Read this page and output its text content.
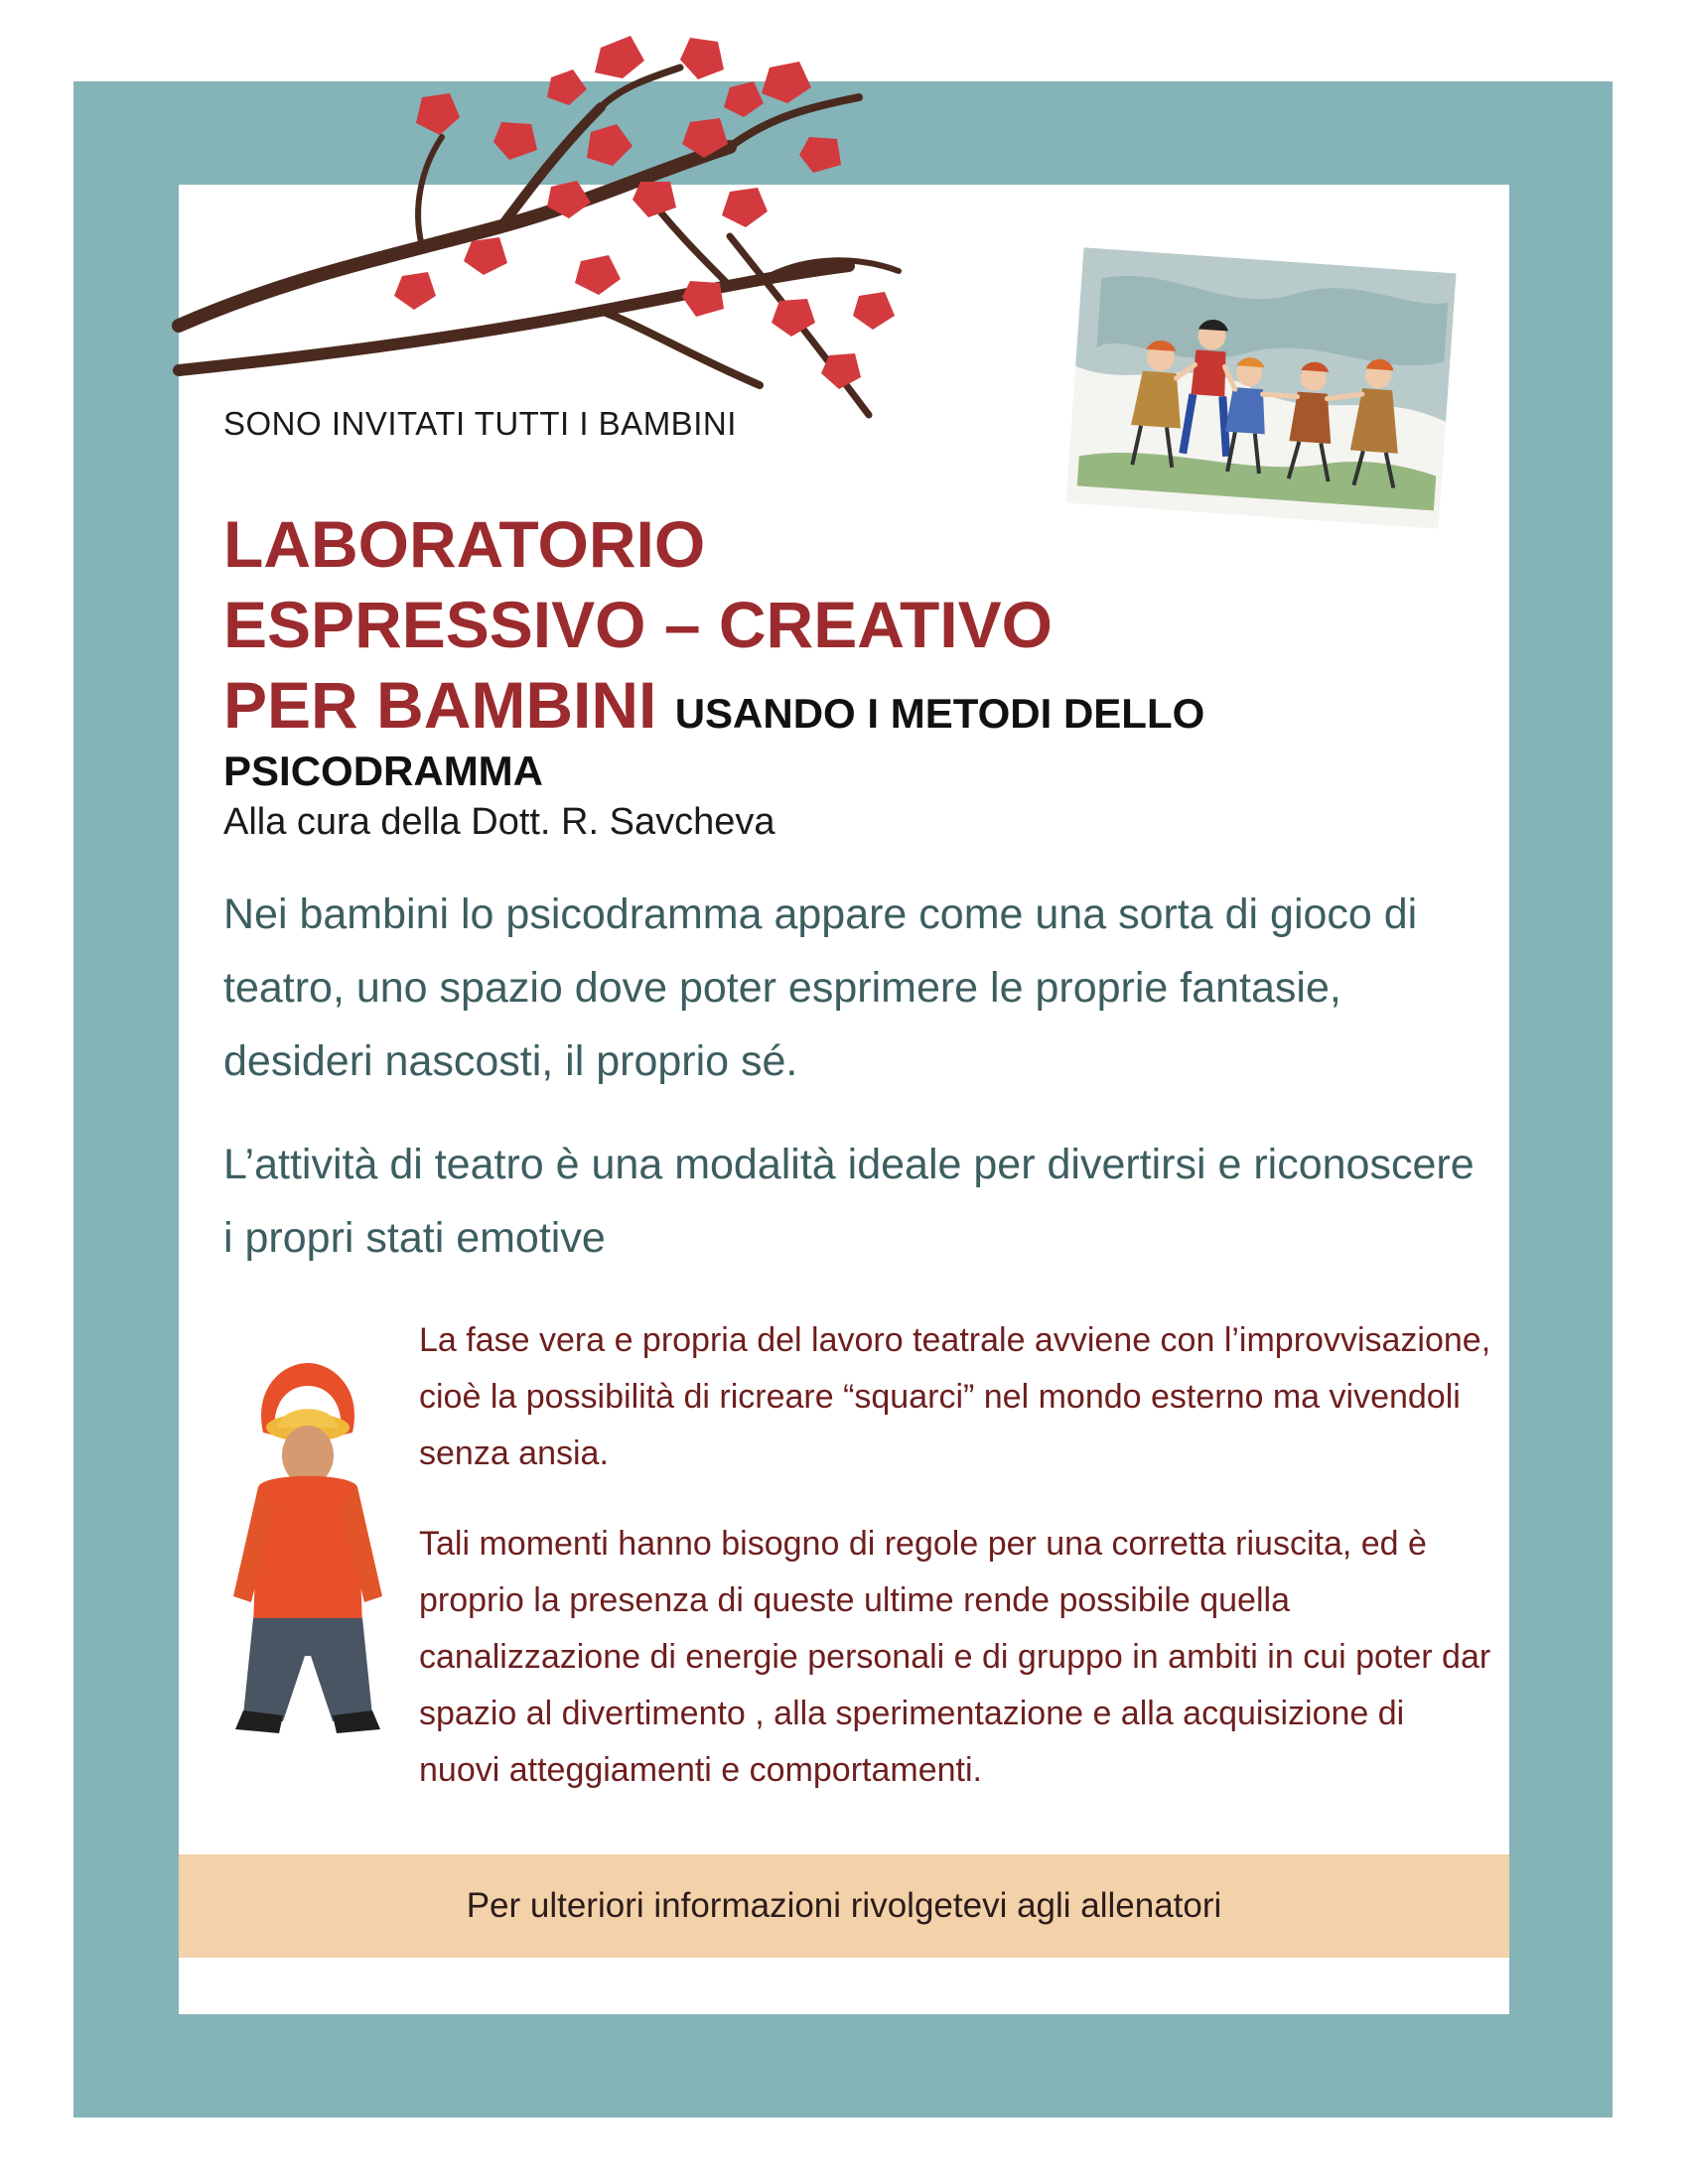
SONO INVITATI TUTTI I BAMBINI
LABORATORIO
ESPRESSIVO – CREATIVO
PER BAMBINI USANDO I METODI DELLO
PSICODRAMMA
Alla cura della Dott. R. Savcheva

Nei bambini lo psicodramma appare come una sorta di gioco di teatro, uno spazio dove poter esprimere le proprie fantasie, desideri nascosti, il proprio sé.

L’attività di teatro è una modalità ideale per divertirsi e riconoscere i propri stati emotive

La fase vera e propria del lavoro teatrale avviene con l’improvvisazione, cioè la possibilità di ricreare “squarci” nel mondo esterno ma vivendoli senza ansia.

Tali momenti hanno bisogno di regole per una corretta riuscita, ed è proprio la presenza di queste ultime rende possibile quella canalizzazione di energie personali e di gruppo in ambiti in cui poter dar spazio al divertimento , alla sperimentazione e alla acquisizione di nuovi atteggiamenti e comportamenti.

Per ulteriori informazioni rivolgetevi agli allenatori
